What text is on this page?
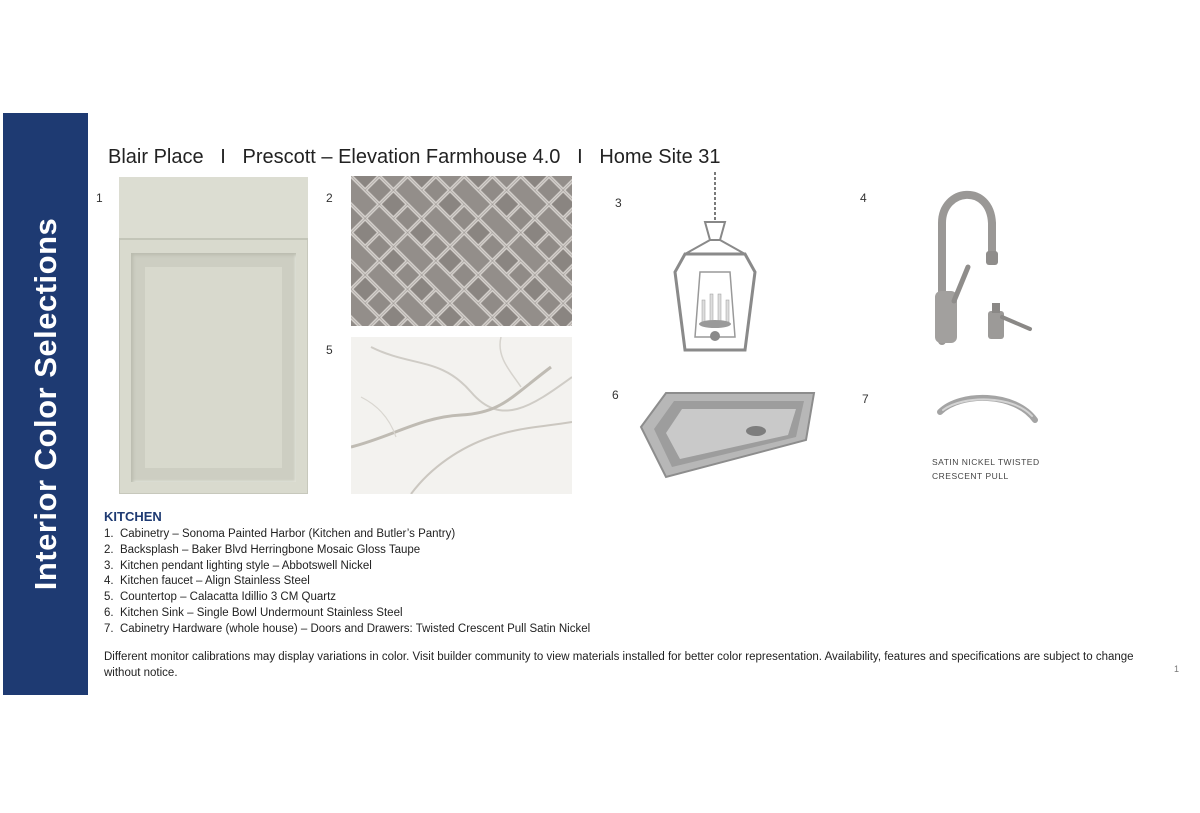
Interior Color Selections
Blair Place   I   Prescott – Elevation Farmhouse 4.0   I   Home Site 31
1	2	3	4
5
6	7
SATIN NICKEL TWISTED
CRESCENT PULL
KITCHEN
1.  Cabinetry – Sonoma Painted Harbor (Kitchen and Butler’s Pantry)
2.  Backsplash – Baker Blvd Herringbone Mosaic Gloss Taupe
3.  Kitchen pendant lighting style – Abbotswell Nickel
4.  Kitchen faucet – Align Stainless Steel
5.  Countertop – Calacatta Idillio 3 CM Quartz
6.  Kitchen Sink – Single Bowl Undermount Stainless Steel
7.  Cabinetry Hardware (whole house) – Doors and Drawers: Twisted Crescent Pull Satin Nickel
Different monitor calibrations may display variations in color. Visit builder community to view materials installed for better color representation. Availability, features and specifications are subject to change without notice.	1
